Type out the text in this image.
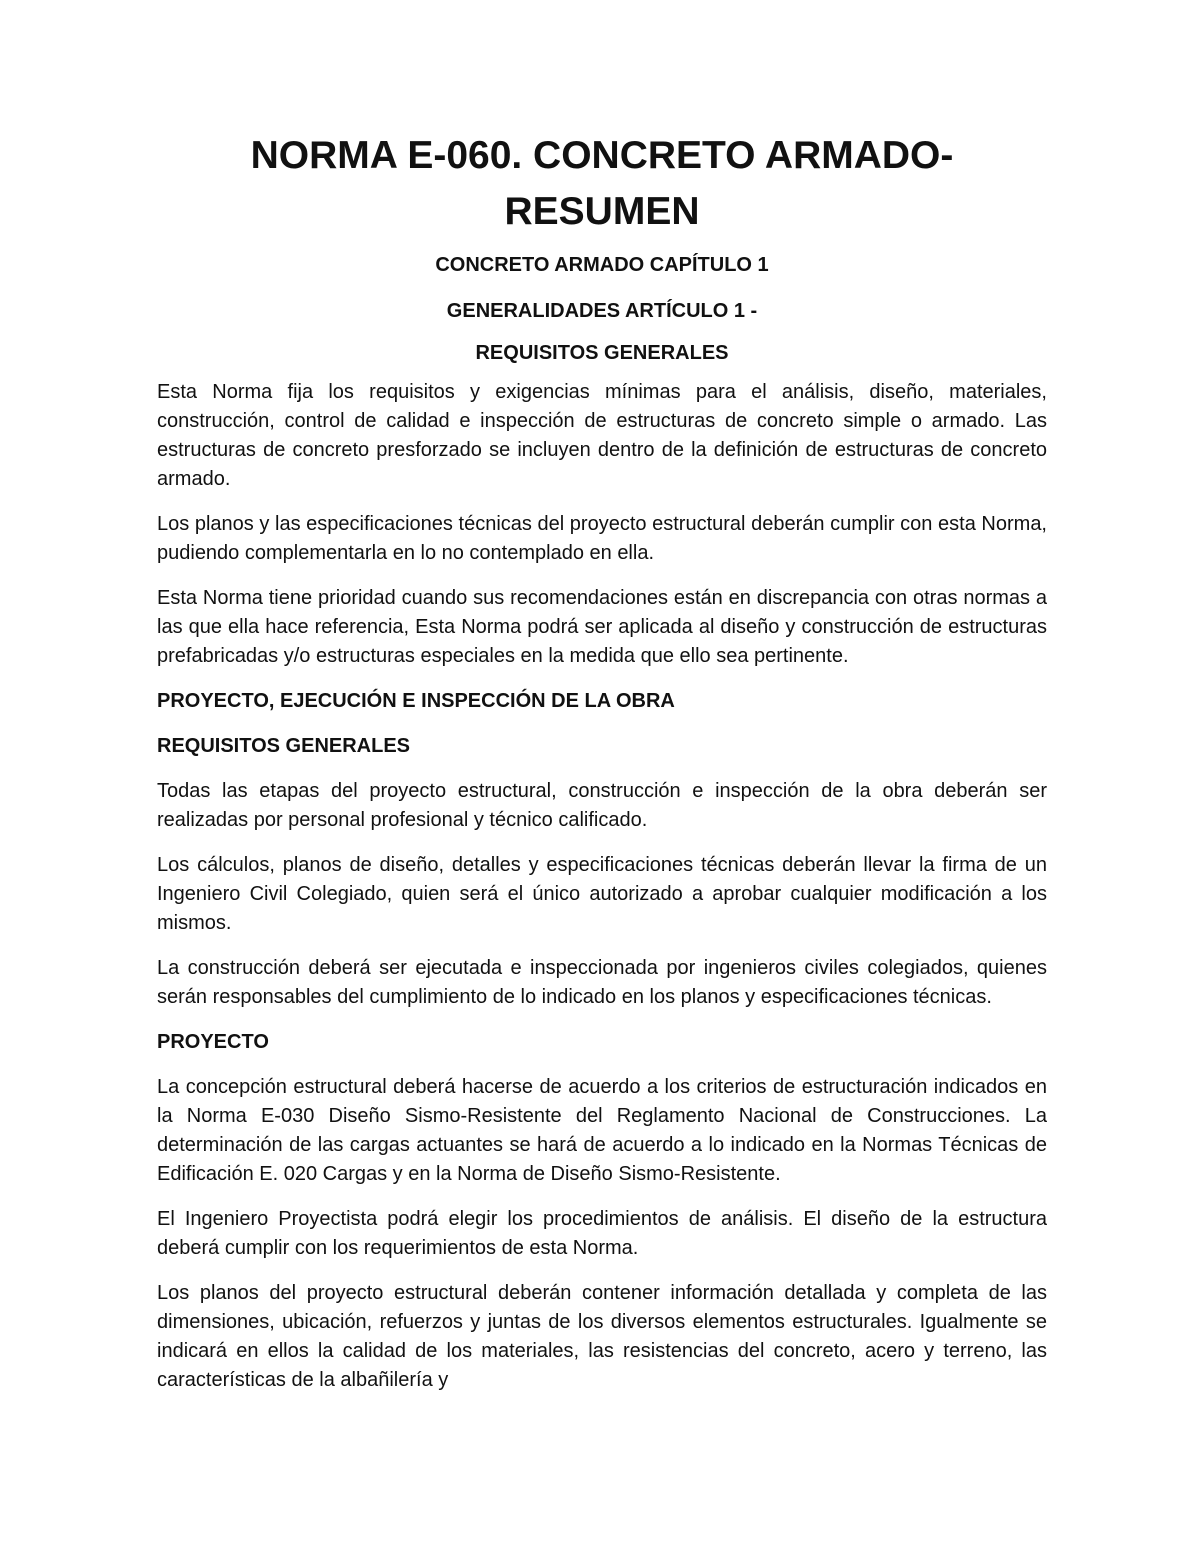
NORMA E-060. CONCRETO ARMADO-
RESUMEN
CONCRETO ARMADO CAPÍTULO 1
GENERALIDADES ARTÍCULO 1 -
REQUISITOS GENERALES

Esta Norma fija los requisitos y exigencias mínimas para el análisis, diseño, materiales, construcción, control de calidad e inspección de estructuras de concreto simple o armado. Las estructuras de concreto presforzado se incluyen dentro de la definición de estructuras de concreto armado.

Los planos y las especificaciones técnicas del proyecto estructural deberán cumplir con esta Norma, pudiendo complementarla en lo no contemplado en ella.

Esta Norma tiene prioridad cuando sus recomendaciones están en discrepancia con otras normas a las que ella hace referencia, Esta Norma podrá ser aplicada al diseño y construcción de estructuras prefabricadas y/o estructuras especiales en la medida que ello sea pertinente.

PROYECTO, EJECUCIÓN E INSPECCIÓN DE LA OBRA
REQUISITOS GENERALES

Todas las etapas del proyecto estructural, construcción e inspección de la obra deberán ser realizadas por personal profesional y técnico calificado.

Los cálculos, planos de diseño, detalles y especificaciones técnicas deberán llevar la firma de un Ingeniero Civil Colegiado, quien será el único autorizado a aprobar cualquier modificación a los mismos.

La construcción deberá ser ejecutada e inspeccionada por ingenieros civiles colegiados, quienes serán responsables del cumplimiento de lo indicado en los planos y especificaciones técnicas.

PROYECTO

La concepción estructural deberá hacerse de acuerdo a los criterios de estructuración indicados en la Norma E-030 Diseño Sismo-Resistente del Reglamento Nacional de Construcciones. La determinación de las cargas actuantes se hará de acuerdo a lo indicado en la Normas Técnicas de Edificación E. 020 Cargas y en la Norma de Diseño Sismo-Resistente.

El Ingeniero Proyectista podrá elegir los procedimientos de análisis. El diseño de la estructura deberá cumplir con los requerimientos de esta Norma.

Los planos del proyecto estructural deberán contener información detallada y completa de las dimensiones, ubicación, refuerzos y juntas de los diversos elementos estructurales. Igualmente se indicará en ellos la calidad de los materiales, las resistencias del concreto, acero y terreno, las características de la albañilería y
